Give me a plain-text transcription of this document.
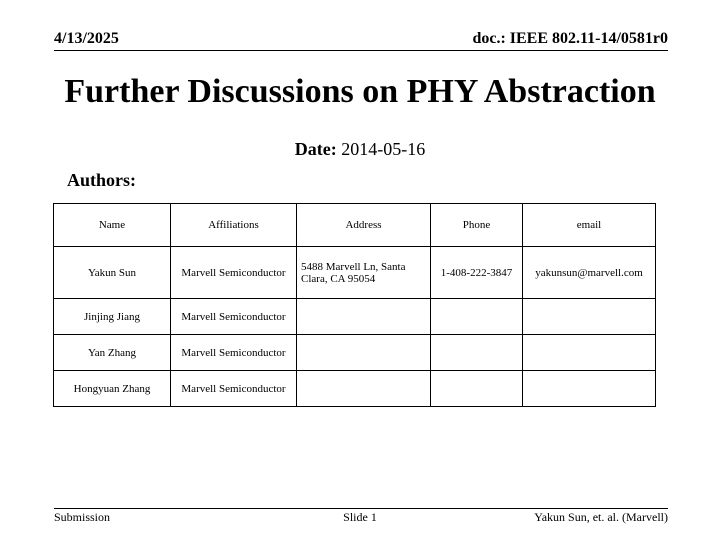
4/13/2025	doc.: IEEE 802.11-14/0581r0
Further Discussions on PHY Abstraction
Date: 2014-05-16
Authors:
Name	Affiliations	Address	Phone	email
Yakun Sun	Marvell Semiconductor	5488 Marvell Ln, Santa Clara, CA 95054	1-408-222-3847	yakunsun@marvell.com
Jinjing Jiang	Marvell Semiconductor			
Yan Zhang	Marvell Semiconductor			
Hongyuan Zhang	Marvell Semiconductor			
Submission	Slide 1	Yakun Sun, et. al. (Marvell)
